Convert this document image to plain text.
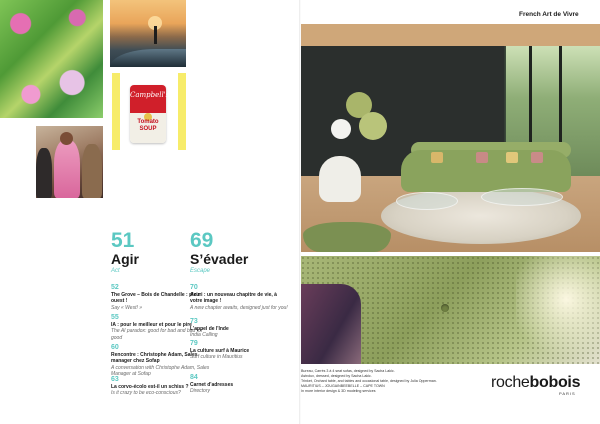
Campbell's
Tomato SOUP
51
Agir
Act
52
The Grove – Bois de Chandelle : plein ouest !
Say « West! »
55
IA : pour le meilleur et pour le pire
The AI paradox: good for bad and bad for good
60
Rencontre : Christophe Adam, Sales manager chez Sofap
A conversation with Christophe Adam, Sales Manager at Sofap
63
La corvo-écolo est-il un schiss ?
Is it crazy to be eco-conscious?
69
S’évader
Escape
70
Azuri : un nouveau chapitre de vie, à votre image !
A new chapter awaits, designed just for you!
73
L'appel de l'Inde
India Calling
79
La culture surf à Maurice
Surf culture in Mauritius
84
Carnet d'adresses
Directory
French Art de Vivre
Bureau, Carrés 3 à 4 seat sofas, designed by Sacha Lakic.
Astrolux, dressed, designed by Sacha Lakic.
Trinket, Orchard table, and tables and occasional table, designed by Julia Opperman.
MAURITIUS – JOUGAINBEEBELLE – CAPE TOWN
In more interior design & 3D modeling services	rochebobois
PARIS
